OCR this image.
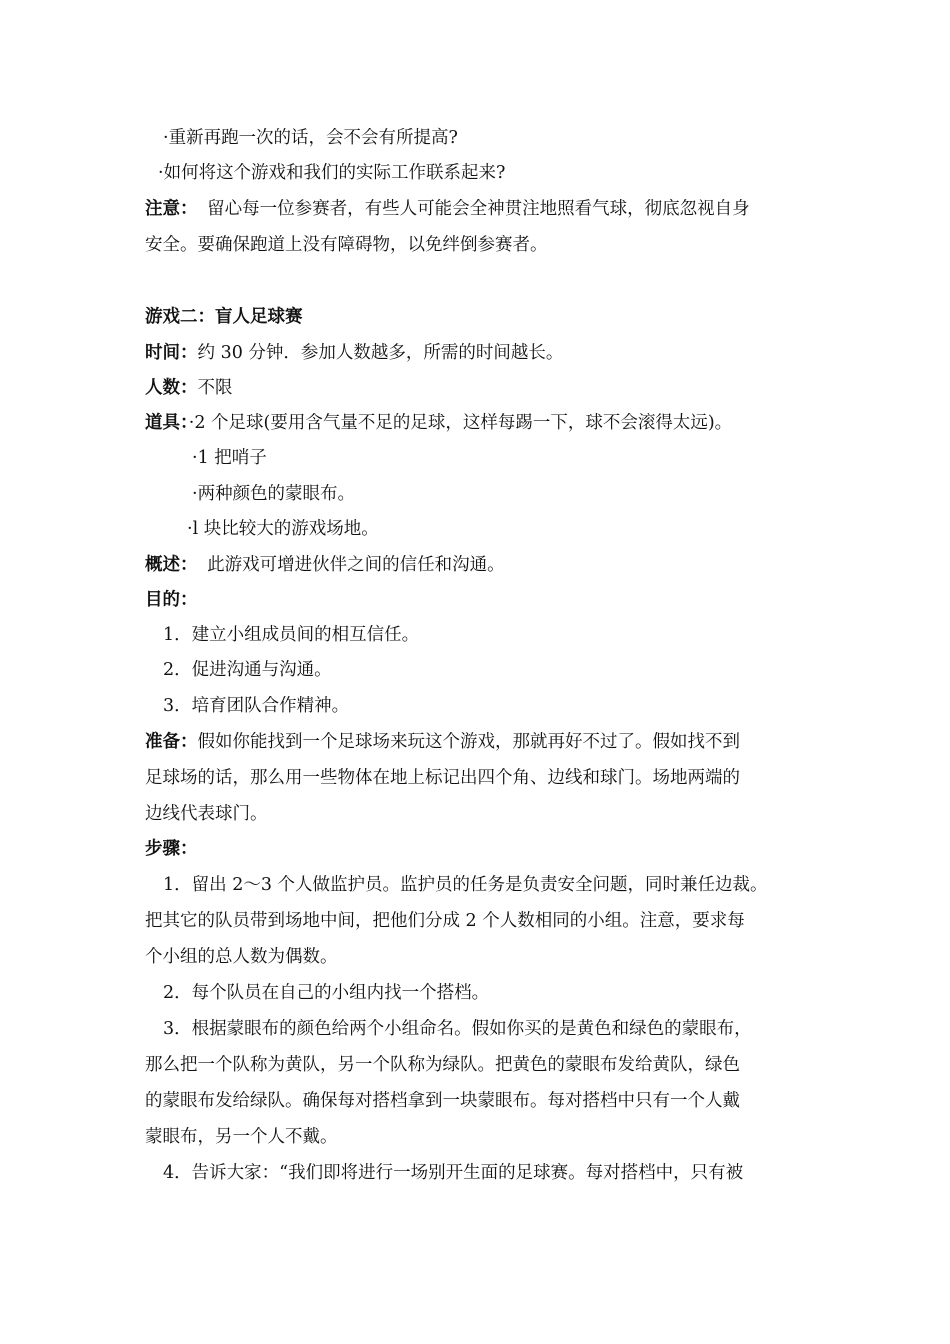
·重新再跑一次的话，会不会有所提高?
·如何将这个游戏和我们的实际工作联系起来?
注意： 留心每一位参赛者，有些人可能会全神贯注地照看气球，彻底忽视自身
安全。要确保跑道上没有障碍物，以免绊倒参赛者。
游戏二：盲人足球赛
时间：约 30 分钟．参加人数越多，所需的时间越长。
人数：不限
道具：·2 个足球(要用含气量不足的足球，这样每踢一下，球不会滚得太远)。
·1 把哨子
·两种颜色的蒙眼布。
·l 块比较大的游戏场地。
概述： 此游戏可增进伙伴之间的信任和沟通。
目的：
1．建立小组成员间的相互信任。
2．促进沟通与沟通。
3．培育团队合作精神。
准备：假如你能找到一个足球场来玩这个游戏，那就再好不过了。假如找不到
足球场的话，那么用一些物体在地上标记出四个角、边线和球门。场地两端的
边线代表球门。
步骤：
1．留出 2～3 个人做监护员。监护员的任务是负责安全问题，同时兼任边裁。
把其它的队员带到场地中间，把他们分成 2 个人数相同的小组。注意，要求每
个小组的总人数为偶数。
2．每个队员在自己的小组内找一个搭档。
3．根据蒙眼布的颜色给两个小组命名。假如你买的是黄色和绿色的蒙眼布，
那么把一个队称为黄队，另一个队称为绿队。把黄色的蒙眼布发给黄队，绿色
的蒙眼布发给绿队。确保每对搭档拿到一块蒙眼布。每对搭档中只有一个人戴
蒙眼布，另一个人不戴。
4．告诉大家：“我们即将进行一场别开生面的足球赛。每对搭档中，只有被
